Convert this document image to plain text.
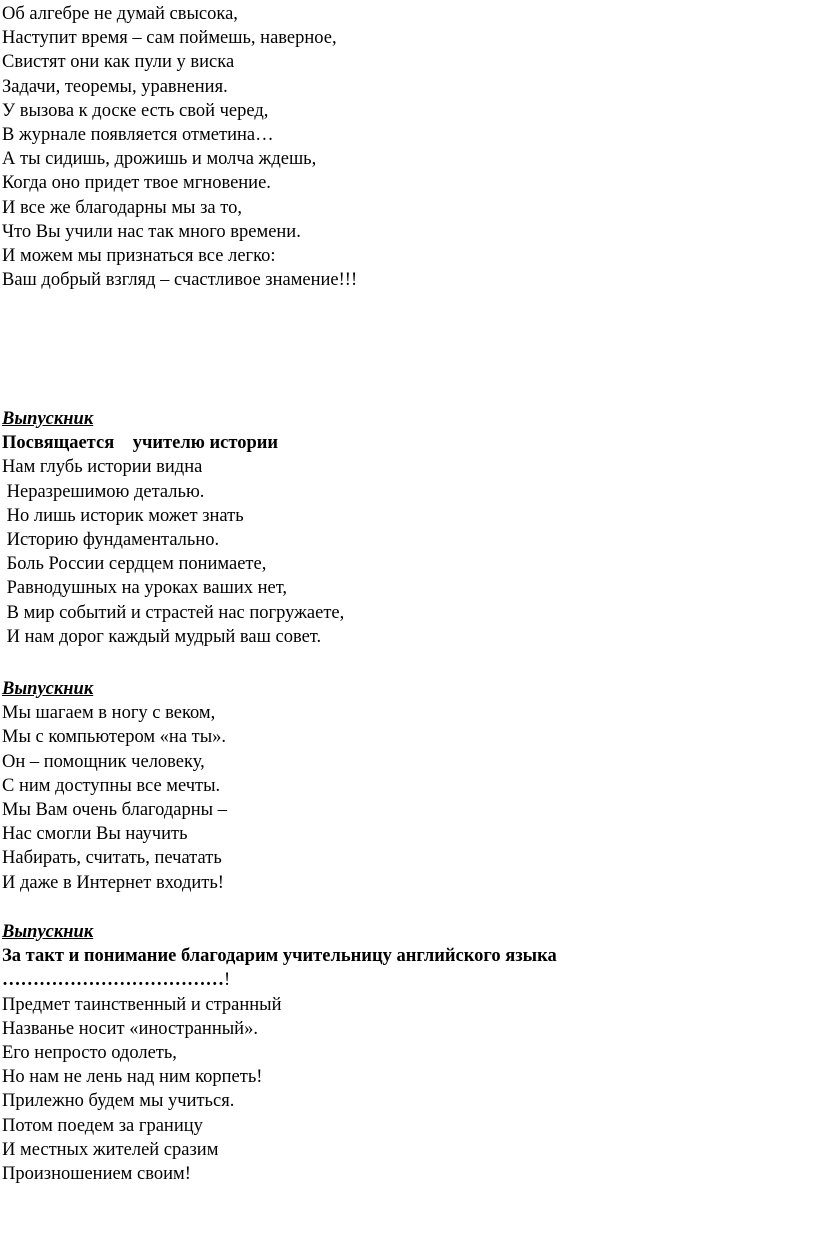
Об алгебре не думай свысока,
Наступит время – сам поймешь, наверное,
Свистят они как пули у виска
Задачи, теоремы, уравнения.
У вызова к доске есть свой черед,
В журнале появляется отметина…
А ты сидишь, дрожишь и молча ждешь,
Когда оно придет твое мгновение.
И все же благодарны мы за то,
Что Вы учили нас так много времени.
И можем мы признаться все легко:
Ваш добрый взгляд – счастливое знамение!!!
Выпускник
Посвящается    учителю истории
Нам глубь истории видна
Неразрешимою деталью.
Но лишь историк может знать
Историю фундаментально.
Боль России сердцем понимаете,
Равнодушных на уроках ваших нет,
В мир событий и страстей нас погружаете,
И нам дорог каждый мудрый ваш совет.
Выпускник
Мы шагаем в ногу с веком,
Мы с компьютером «на ты».
Он – помощник человеку,
С ним доступны все мечты.
Мы Вам очень благодарны –
Нас смогли Вы научить
Набирать, считать, печатать
И даже в Интернет входить!
Выпускник
За такт и понимание благодарим учительницу английского языка
………………………………!
Предмет таинственный и странный
Названье носит «иностранный».
Его непросто одолеть,
Но нам не лень над ним корпеть!
Прилежно будем мы учиться.
Потом поедем за границу
И местных жителей сразим
Произношением своим!
